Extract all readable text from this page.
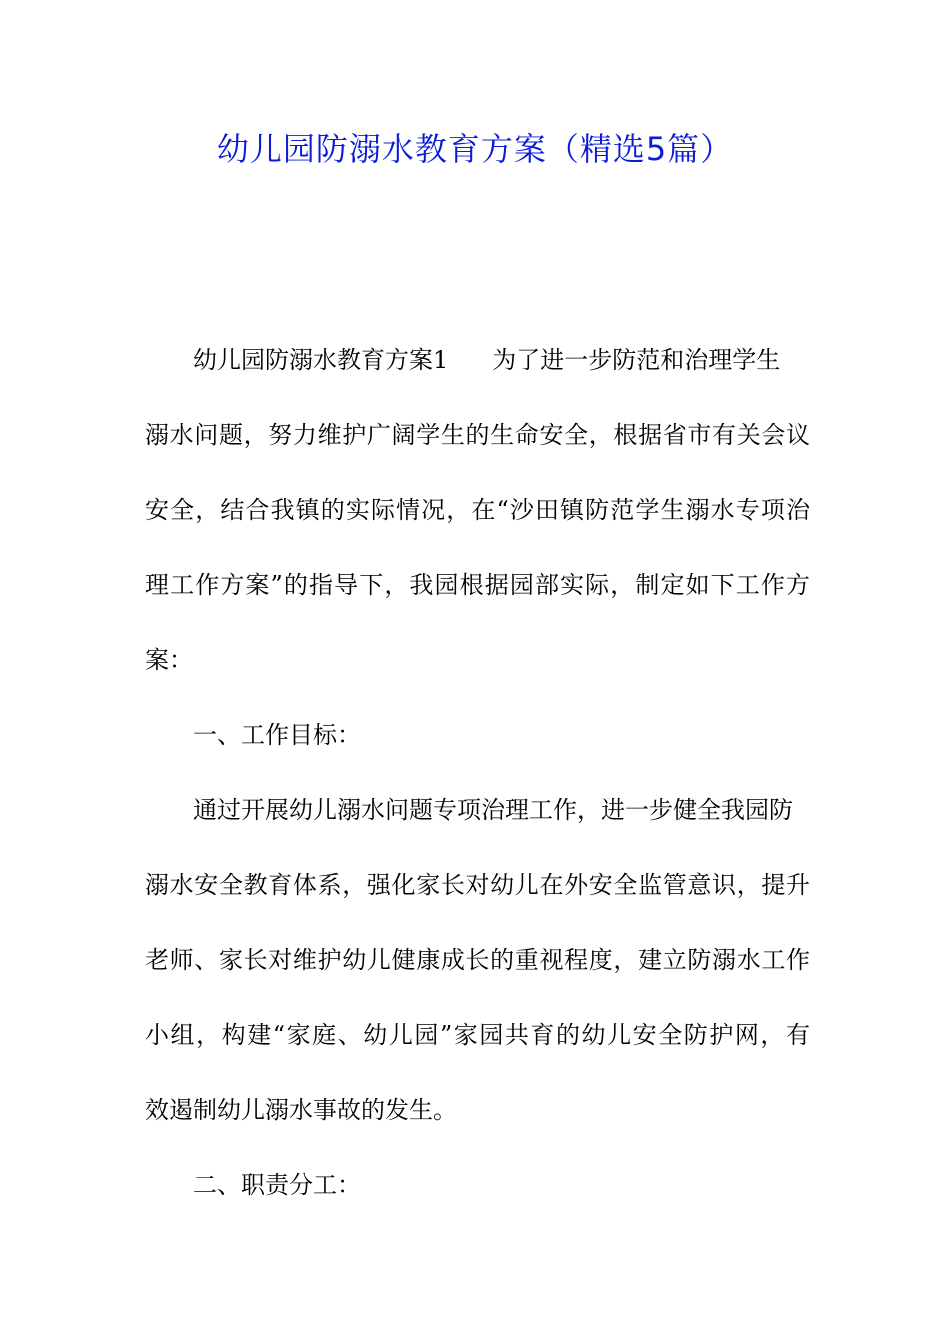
幼儿园防溺水教育方案（精选5篇）
幼儿园防溺水教育方案1 为了进一步防范和治理学生
溺水问题，努力维护广阔学生的生命安全，根据省市有关会议
安全，结合我镇的实际情况，在“沙田镇防范学生溺水专项治
理工作方案”的指导下，我园根据园部实际，制定如下工作方
案：
一、工作目标：
通过开展幼儿溺水问题专项治理工作，进一步健全我园防
溺水安全教育体系，强化家长对幼儿在外安全监管意识，提升
老师、家长对维护幼儿健康成长的重视程度，建立防溺水工作
小组，构建“家庭、幼儿园”家园共育的幼儿安全防护网，有
效遏制幼儿溺水事故的发生。
二、职责分工：
